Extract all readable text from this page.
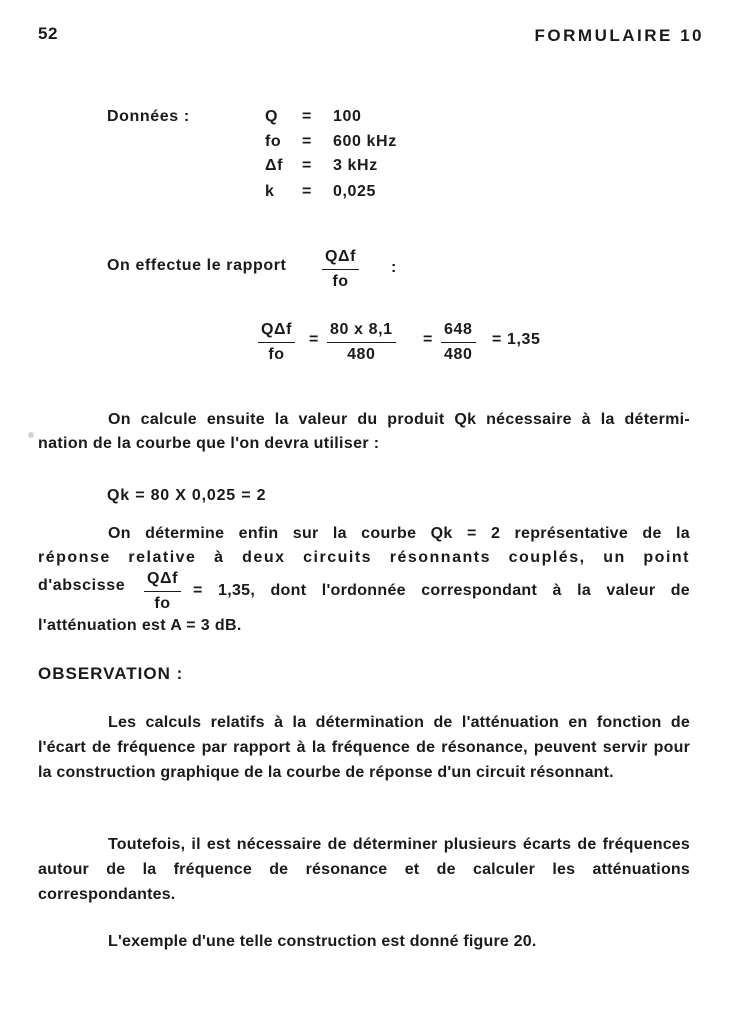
52	FORMULAIRE 10
Données :	Q = 100
fo = 600 kHz
Δf = 3 kHz
k = 0,025
On effectue le rapport
QΔf
fo
:
QΔf
fo
= $\frac{80 x 8,1}{480} = \frac{648}{480} = 1,35$
On calcule ensuite la valeur du produit Qk nécessaire à la détermi-
nation de la courbe que l'on devra utiliser :
Qk = 80 X 0,025 = 2
On détermine enfin sur la courbe Qk = 2 représentative de la
réponse relative à deux circuits résonnants couplés, un point
d'abscisse QΔf
fo
= 1,35, dont l'ordonnée correspondant à la valeur de
l'atténuation est A = 3 dB.
OBSERVATION :
Les calculs relatifs à la détermination de l'atténuation en fonction de l'écart de fréquence par rapport à la fréquence de résonance, peuvent servir pour la construction graphique de la courbe de réponse d'un circuit résonnant.
Toutefois, il est nécessaire de déterminer plusieurs écarts de fréquences autour de la fréquence de résonance et de calculer les atténuations correspondantes.
L'exemple d'une telle construction est donné figure 20.
